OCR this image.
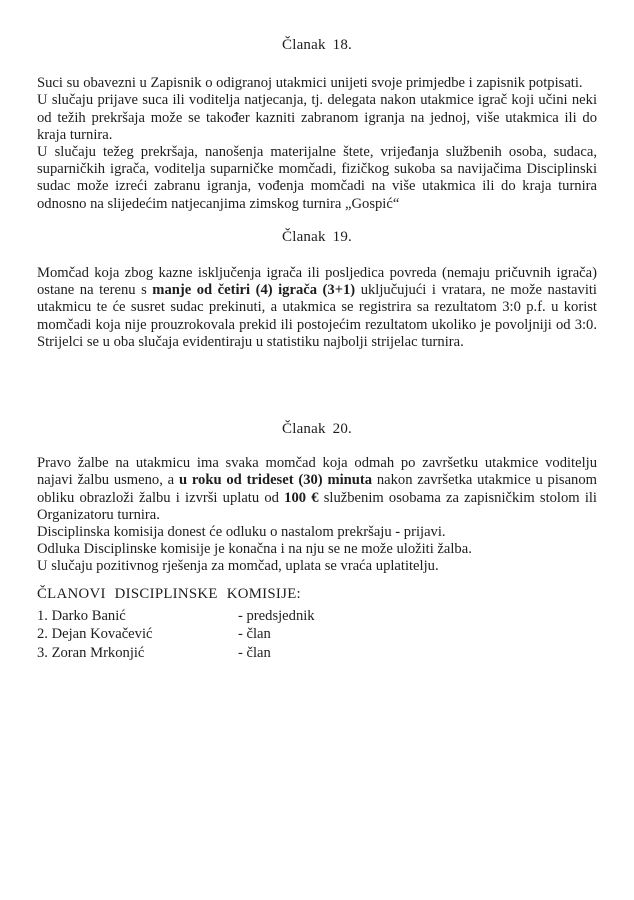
Članak 18.

Suci su obavezni u Zapisnik o odigranoj utakmici unijeti svoje primjedbe i zapisnik potpisati.

U slučaju prijave suca ili voditelja natjecanja, tj. delegata nakon utakmice igrač koji učini neki od težih prekršaja može se također kazniti zabranom igranja na jednoj, više utakmica ili do kraja turnira.

U slučaju težeg prekršaja, nanošenja materijalne štete, vrijeđanja službenih osoba, sudaca, suparničkih igrača, voditelja suparničke momčadi, fizičkog sukoba sa navijačima Disciplinski sudac može izreći zabranu igranja, vođenja momčadi na više utakmica ili do kraja turnira odnosno na slijedećim natjecanjima zimskog turnira „Gospić“

Članak 19.

Momčad koja zbog kazne isključenja igrača ili posljedica povreda (nemaju pričuvnih igrača) ostane na terenu s manje od četiri (4) igrača (3+1) uključujući i vratara, ne može nastaviti utakmicu te će susret sudac prekinuti, a utakmica se registrira sa rezultatom 3:0 p.f. u korist momčadi koja nije prouzrokovala prekid ili postojećim rezultatom ukoliko je povoljniji od 3:0. Strijelci se u oba slučaja evidentiraju u statistiku najbolji strijelac turnira.

Članak 20.

Pravo žalbe na utakmicu ima svaka momčad koja odmah po završetku utakmice voditelju najavi žalbu usmeno, a u roku od trideset (30) minuta nakon završetka utakmice u pisanom obliku obrazloži žalbu i izvrši uplatu od 100 € službenim osobama za zapisničkim stolom ili Organizatoru turnira.

Disciplinska komisija donest će odluku o nastalom prekršaju - prijavi.

Odluka Disciplinske komisije je konačna i na nju se ne može uložiti žalba.

U slučaju pozitivnog rješenja za momčad, uplata se vraća uplatitelju.

ČLANOVI DISCIPLINSKE KOMISIJE:
1. Darko Banić	- predsjednik
2. Dejan Kovačević	- član
3. Zoran Mrkonjić	- član
